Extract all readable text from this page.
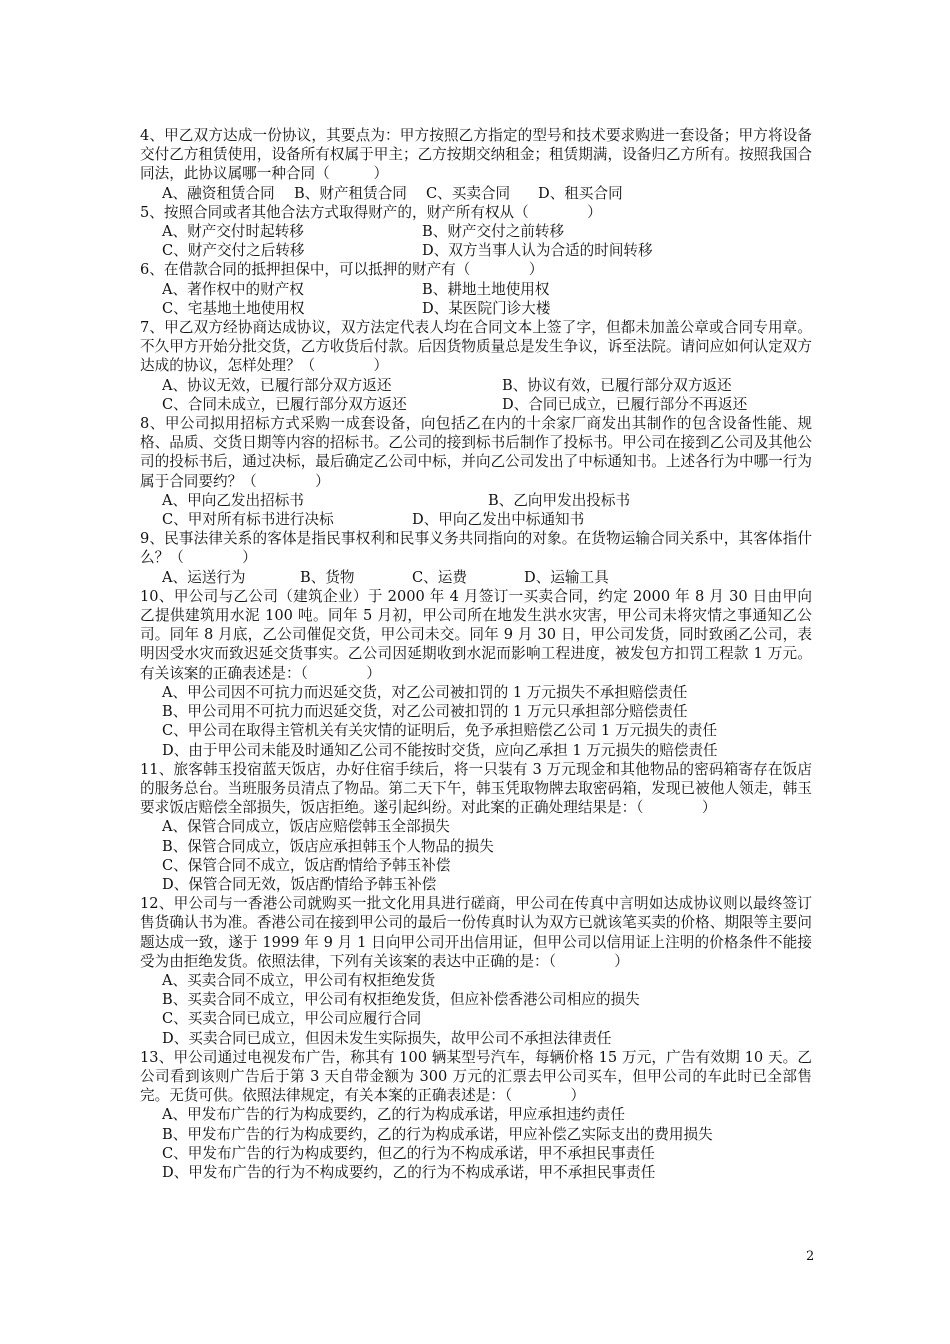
4、甲乙双方达成一份协议，其要点为：甲方按照乙方指定的型号和技术要求购进一套设备；甲方将设备交付乙方租赁使用，设备所有权属于甲主；乙方按期交纳租金；租赁期满，设备归乙方所有。按照我国合同法，此协议属哪一种合同（　　　）

A、融资租赁合同	B、财产租赁合同	C、买卖合同	D、租买合同

5、按照合同或者其他合法方式取得财产的，财产所有权从（　　　　）

A、财产交付时起转移	B、财产交付之前转移
C、财产交付之后转移	D、双方当事人认为合适的时间转移

6、在借款合同的抵押担保中，可以抵押的财产有（　　　　）

A、著作权中的财产权	B、耕地土地使用权
C、宅基地土地使用权	D、某医院门诊大楼

7、甲乙双方经协商达成协议，双方法定代表人均在合同文本上签了字，但都未加盖公章或合同专用章。不久甲方开始分批交货，乙方收货后付款。后因货物质量总是发生争议，诉至法院。请问应如何认定双方达成的协议，怎样处理？（　　　　）

A、协议无效，已履行部分双方返还	B、协议有效，已履行部分双方返还
C、合同未成立，已履行部分双方返还	D、合同已成立，已履行部分不再返还

8、甲公司拟用招标方式采购一成套设备，向包括乙在内的十余家厂商发出其制作的包含设备性能、规格、品质、交货日期等内容的招标书。乙公司的接到标书后制作了投标书。甲公司在接到乙公司及其他公司的投标书后，通过决标，最后确定乙公司中标，并向乙公司发出了中标通知书。上述各行为中哪一行为属于合同要约？（　　　　）

A、甲向乙发出招标书	B、乙向甲发出投标书
C、甲对所有标书进行决标	D、甲向乙发出中标通知书

9、民事法律关系的客体是指民事权利和民事义务共同指向的对象。在货物运输合同关系中，其客体指什么？（　　　　）

A、运送行为	B、货物	C、运费	D、运输工具

10、甲公司与乙公司（建筑企业）于 2000 年 4 月签订一买卖合同，约定 2000 年 8 月 30 日由甲向乙提供建筑用水泥 100 吨。同年 5 月初，甲公司所在地发生洪水灾害，甲公司未将灾情之事通知乙公司。同年 8 月底，乙公司催促交货，甲公司未交。同年 9 月 30 日，甲公司发货，同时致函乙公司，表明因受水灾而致迟延交货事实。乙公司因延期收到水泥而影响工程进度，被发包方扣罚工程款 1 万元。有关该案的正确表述是：（　　　　）

A、甲公司因不可抗力而迟延交货，对乙公司被扣罚的 1 万元损失不承担赔偿责任
B、甲公司用不可抗力而迟延交货，对乙公司被扣罚的 1 万元只承担部分赔偿责任
C、甲公司在取得主管机关有关灾情的证明后，免予承担赔偿乙公司 1 万元损失的责任
D、由于甲公司未能及时通知乙公司不能按时交货，应向乙承担 1 万元损失的赔偿责任

11、旅客韩玉投宿蓝天饭店，办好住宿手续后，将一只装有 3 万元现金和其他物品的密码箱寄存在饭店的服务总台。当班服务员清点了物品。第二天下午，韩玉凭取物牌去取密码箱，发现已被他人领走，韩玉要求饭店赔偿全部损失，饭店拒绝。遂引起纠纷。对此案的正确处理结果是：（　　　　）

A、保管合同成立，饭店应赔偿韩玉全部损失
B、保管合同成立，饭店应承担韩玉个人物品的损失
C、保管合同不成立，饭店酌情给予韩玉补偿
D、保管合同无效，饭店酌情给予韩玉补偿

12、甲公司与一香港公司就购买一批文化用具进行磋商，甲公司在传真中言明如达成协议则以最终签订售货确认书为准。香港公司在接到甲公司的最后一份传真时认为双方已就该笔买卖的价格、期限等主要问题达成一致，遂于 1999 年 9 月 1 日向甲公司开出信用证，但甲公司以信用证上注明的价格条件不能接受为由拒绝发货。依照法律，下列有关该案的表达中正确的是：（　　　　）

A、买卖合同不成立，甲公司有权拒绝发货
B、买卖合同不成立，甲公司有权拒绝发货，但应补偿香港公司相应的损失
C、买卖合同已成立，甲公司应履行合同
D、买卖合同已成立，但因未发生实际损失，故甲公司不承担法律责任

13、甲公司通过电视发布广告，称其有 100 辆某型号汽车，每辆价格 15 万元，广告有效期 10 天。乙公司看到该则广告后于第 3 天自带金额为 300 万元的汇票去甲公司买车，但甲公司的车此时已全部售完。无货可供。依照法律规定，有关本案的正确表述是：（　　　　）

A、甲发布广告的行为构成要约，乙的行为构成承诺，甲应承担违约责任
B、甲发布广告的行为构成要约，乙的行为构成承诺，甲应补偿乙实际支出的费用损失
C、甲发布广告的行为构成要约，但乙的行为不构成承诺，甲不承担民事责任
D、甲发布广告的行为不构成要约，乙的行为不构成承诺，甲不承担民事责任
2
